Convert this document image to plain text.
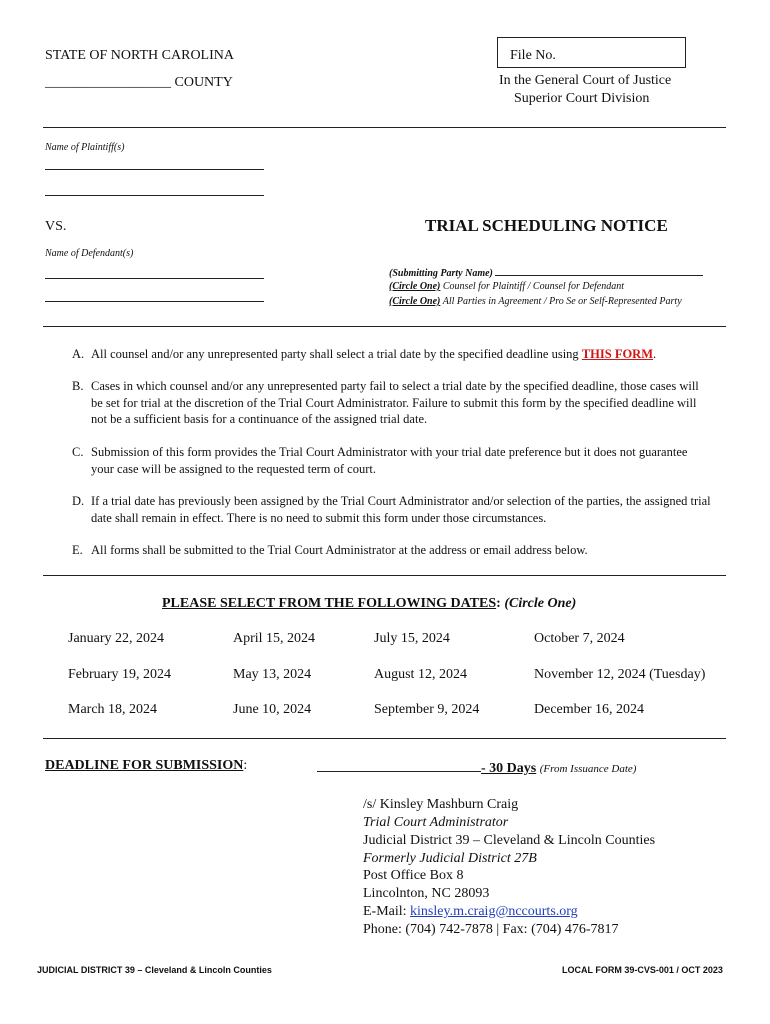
STATE OF NORTH CAROLINA
__________________ COUNTY
File No.
In the General Court of Justice
Superior Court Division
Name of Plaintiff(s)
VS.	TRIAL SCHEDULING NOTICE
Name of Defendant(s)
(Submitting Party Name)
(Circle One) Counsel for Plaintiff / Counsel for Defendant
(Circle One) All Parties in Agreement / Pro Se or Self-Represented Party
A. All counsel and/or any unrepresented party shall select a trial date by the specified deadline using THIS FORM.
B. Cases in which counsel and/or any unrepresented party fail to select a trial date by the specified deadline, those cases will be set for trial at the discretion of the Trial Court Administrator. Failure to submit this form by the specified deadline will not be a sufficient basis for a continuance of the assigned trial date.
C. Submission of this form provides the Trial Court Administrator with your trial date preference but it does not guarantee your case will be assigned to the requested term of court.
D. If a trial date has previously been assigned by the Trial Court Administrator and/or selection of the parties, the assigned trial date shall remain in effect. There is no need to submit this form under those circumstances.
E. All forms shall be submitted to the Trial Court Administrator at the address or email address below.
PLEASE SELECT FROM THE FOLLOWING DATES: (Circle One)
January 22, 2024	April 15, 2024	July 15, 2024	October 7, 2024
February 19, 2024	May 13, 2024	August 12, 2024	November 12, 2024 (Tuesday)
March 18, 2024	June 10, 2024	September 9, 2024	December 16, 2024
DEADLINE FOR SUBMISSION:	- 30 Days (From Issuance Date)
/s/ Kinsley Mashburn Craig
Trial Court Administrator
Judicial District 39 – Cleveland & Lincoln Counties
Formerly Judicial District 27B
Post Office Box 8
Lincolnton, NC 28093
E-Mail: kinsley.m.craig@nccourts.org
Phone: (704) 742-7878 | Fax: (704) 476-7817
JUDICIAL DISTRICT 39 – Cleveland & Lincoln Counties	LOCAL FORM 39-CVS-001 / OCT 2023
